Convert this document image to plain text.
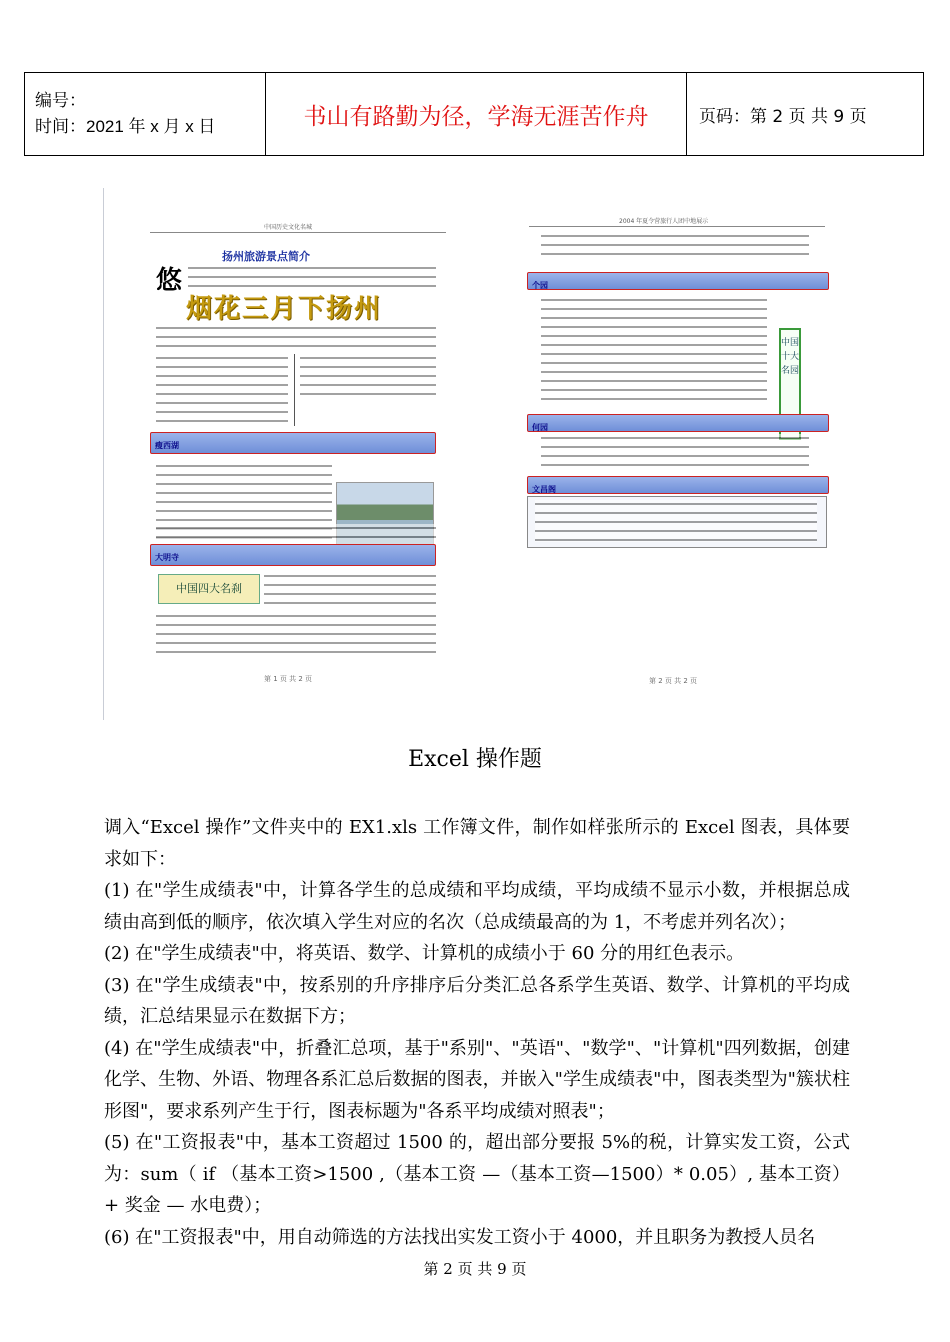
编号：
时间：2021 年 x 月 x 日	书山有路勤为径，学海无涯苦作舟	页码：第 2 页 共 9 页
中国历史文化名城
扬州旅游景点简介
悠
烟花三月下扬州
瘦西湖
大明寺
中国四大名刹
第 1 页 共 2 页
2004 年夏令营旅行人团中地展示
个园
中国十大名园
何园
文昌阁
第 2 页 共 2 页
Excel 操作题

调入“Excel 操作”文件夹中的 EX1.xls 工作簿文件，制作如样张所示的 Excel 图表，具体要求如下：

(1) 在"学生成绩表"中，计算各学生的总成绩和平均成绩，平均成绩不显示小数，并根据总成绩由高到低的顺序，依次填入学生对应的名次（总成绩最高的为 1，不考虑并列名次）；

(2) 在"学生成绩表"中，将英语、数学、计算机的成绩小于 60 分的用红色表示。

(3) 在"学生成绩表"中，按系别的升序排序后分类汇总各系学生英语、数学、计算机的平均成绩，汇总结果显示在数据下方；

(4) 在"学生成绩表"中，折叠汇总项，基于"系别"、"英语"、"数学"、"计算机"四列数据，创建化学、生物、外语、物理各系汇总后数据的图表，并嵌入"学生成绩表"中，图表类型为"簇状柱形图"，要求系列产生于行，图表标题为"各系平均成绩对照表"；

(5) 在"工资报表"中，基本工资超过 1500 的，超出部分要报 5%的税，计算实发工资，公式为：sum（ if （基本工资>1500 ,（基本工资 —（基本工资—1500）* 0.05）, 基本工资）+ 奖金 — 水电费）；

(6) 在"工资报表"中，用自动筛选的方法找出实发工资小于 4000，并且职务为教授人员名

第 2 页 共 9 页
